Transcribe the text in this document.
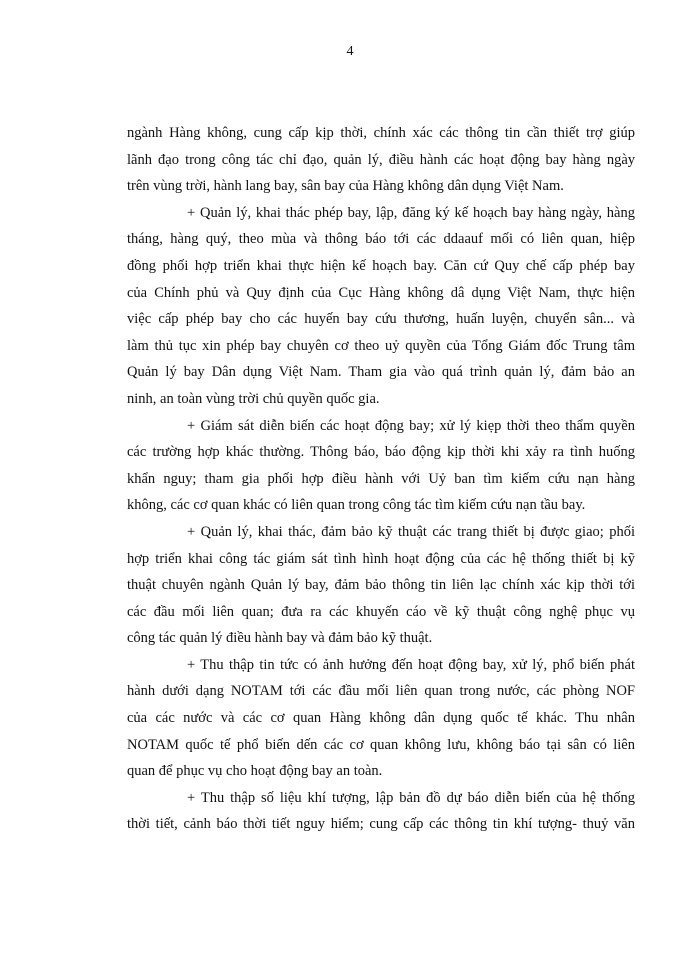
4
ngành Hàng không, cung cấp kịp thời, chính xác các thông tin cần thiết trợ giúp
lãnh đạo trong công tác chỉ đạo, quản lý, điều hành các hoạt động bay hàng ngày
trên vùng trời, hành lang bay, sân bay của Hàng không dân dụng Việt Nam.
+ Quản lý, khai thác phép bay, lập, đăng ký kế hoạch bay hàng ngày, hàng
tháng, hàng quý, theo mùa và thông báo tới các ddaauf mối có liên quan, hiệp
đồng phối hợp triển khai thực hiện kế hoạch bay. Căn cứ Quy chế cấp phép bay
của Chính phủ và Quy định của Cục Hàng không dâ dụng Việt Nam, thực hiện
việc cấp phép bay cho các huyến bay cứu thương, huấn luyện, chuyển sân... và
làm thủ tục xin phép bay chuyên cơ theo uỷ quyền của Tổng Giám đốc Trung tâm
Quản lý bay Dân dụng Việt Nam. Tham gia vào quá trình quản lý, đảm bảo an
ninh, an toàn vùng trời chủ quyền quốc gia.
+ Giám sát diễn biến các hoạt động bay; xử lý kiẹp thời theo thẩm quyền
các trường hợp khác thường. Thông báo, báo động kịp thời khi xảy ra tình huống
khẩn nguy; tham gia phối hợp điều hành với Uỷ ban tìm kiếm cứu nạn hàng
không, các cơ quan khác có liên quan trong công tác tìm kiếm cứu nạn tầu bay.
+ Quản lý, khai thác, đảm bảo kỹ thuật các trang thiết bị được giao; phối
hợp triển khai công tác giám sát tình hình hoạt động của các hệ thống thiết bị kỹ
thuật chuyên ngành Quản lý bay, đảm bảo thông tin liên lạc chính xác kịp thời tới
các đầu mối liên quan; đưa ra các khuyến cáo về kỹ thuật công nghệ phục vụ
công tác quản lý điều hành bay và đảm bảo kỹ thuật.
+ Thu thập tin tức có ảnh hưởng đến hoạt động bay, xử lý, phổ biến phát
hành dưới dạng NOTAM tới các đầu mối liên quan trong nước, các phòng NOF
của các nước và các cơ quan Hàng không dân dụng quốc tế khác. Thu nhân
NOTAM quốc tế phổ biến dến các cơ quan không lưu, không báo tại sân có liên
quan để phục vụ cho hoạt động bay an toàn.
+ Thu thập số liệu khí tượng, lập bản đồ dự báo diễn biến của hệ thống
thời tiết, cảnh báo thời tiết nguy hiểm; cung cấp các thông tin khí tượng- thuỷ văn
